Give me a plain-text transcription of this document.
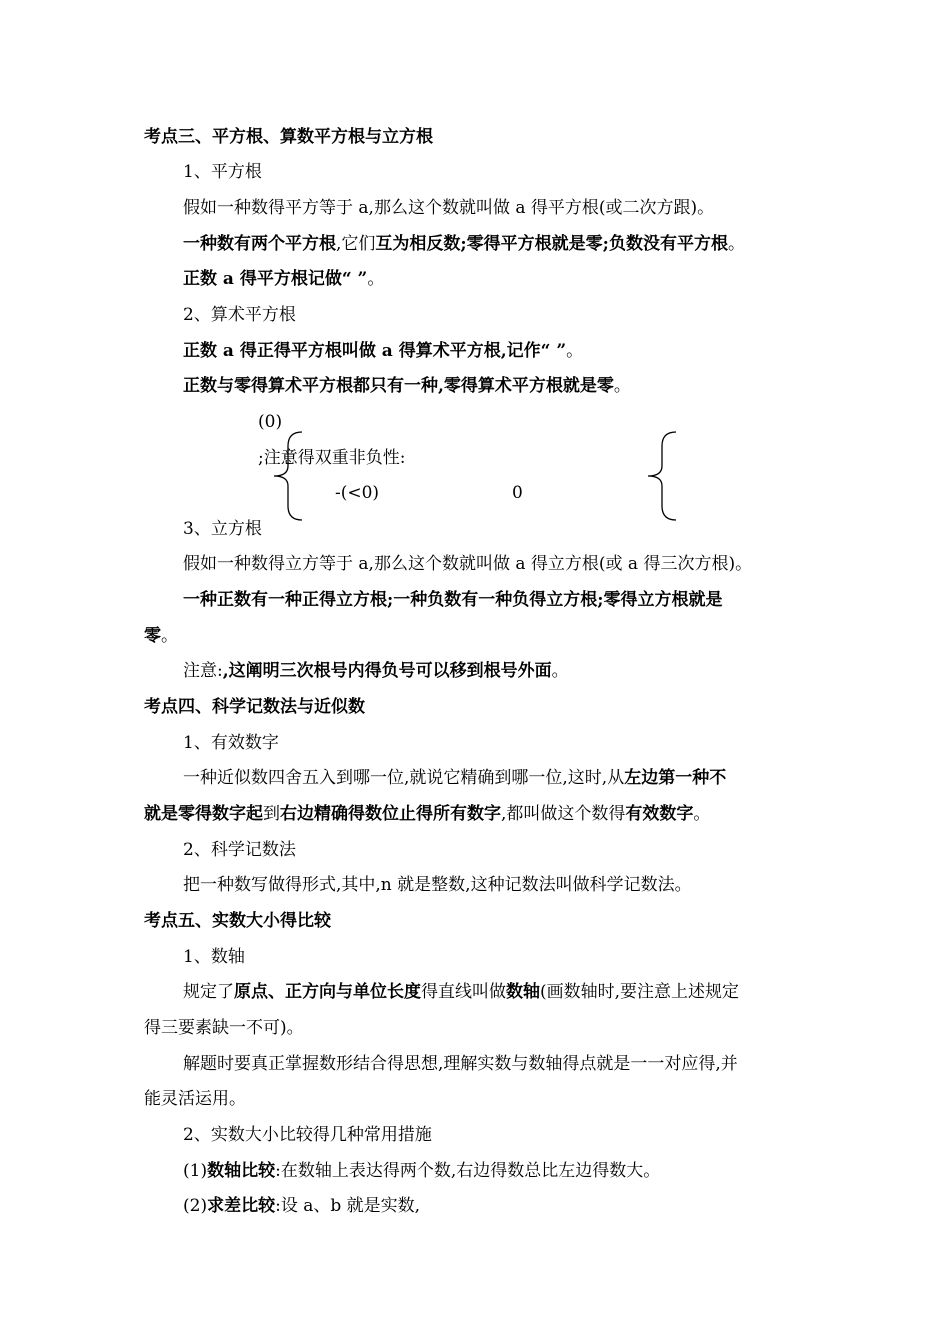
考点三、平方根、算数平方根与立方根
1、平方根
假如一种数得平方等于 a,那么这个数就叫做 a 得平方根(或二次方跟)。
一种数有两个平方根,它们互为相反数;零得平方根就是零;负数没有平方根。
正数 a 得平方根记做“ ”。
2、算术平方根
正数 a 得正得平方根叫做 a 得算术平方根,记作“ ”。
正数与零得算术平方根都只有一种,零得算术平方根就是零。
(0)
;注意得双重非负性:
-(<0)	0
3、立方根
假如一种数得立方等于 a,那么这个数就叫做 a 得立方根(或 a 得三次方根)。
一种正数有一种正得立方根;一种负数有一种负得立方根;零得立方根就是
零。
注意:,这阐明三次根号内得负号可以移到根号外面。
考点四、科学记数法与近似数
1、有效数字
一种近似数四舍五入到哪一位,就说它精确到哪一位,这时,从左边第一种不
就是零得数字起到右边精确得数位止得所有数字,都叫做这个数得有效数字。
2、科学记数法
把一种数写做得形式,其中,n 就是整数,这种记数法叫做科学记数法。
考点五、实数大小得比较
1、数轴
规定了原点、正方向与单位长度得直线叫做数轴(画数轴时,要注意上述规定
得三要素缺一不可)。
解题时要真正掌握数形结合得思想,理解实数与数轴得点就是一一对应得,并
能灵活运用。
2、实数大小比较得几种常用措施
(1)数轴比较:在数轴上表达得两个数,右边得数总比左边得数大。
(2)求差比较:设 a、b 就是实数,
